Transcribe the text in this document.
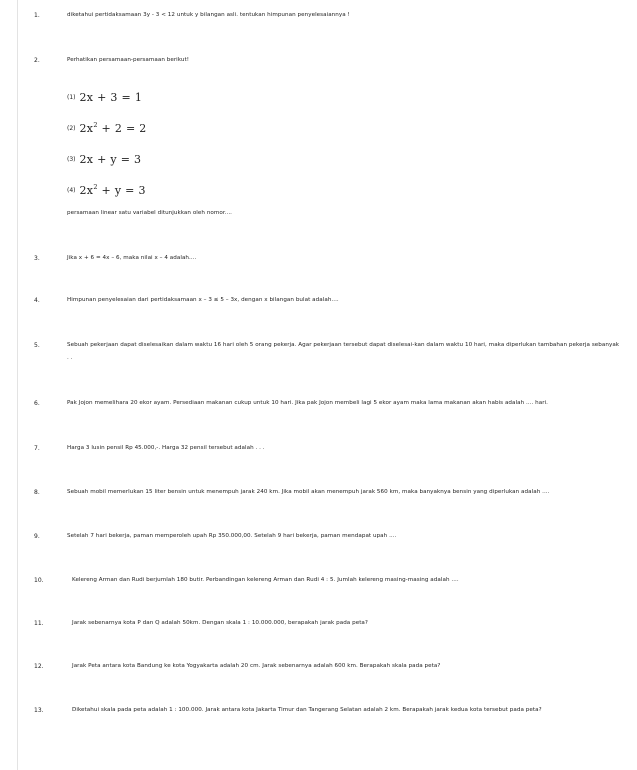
1.	diketahui pertidaksamaan 3y - 3 < 12 untuk y bilangan asli. tentukan himpunan penyelesaiannya !
2.	Perhatikan persamaan-persamaan berikut!
(1) 2x + 3 = 1
(2) $2x^2 + 2 = 2$
(3) 2x + y = 3
(4) $2x^2 + y = 3$
persamaan linear satu variabel ditunjukkan oleh nomor....
3.	Jika x + 6 = 4x – 6, maka nilai x – 4 adalah....
4.	Himpunan penyelesaian dari pertidaksamaan x – 3 ≤ 5 – 3x, dengan x bilangan bulat adalah....
5.	Sebuah pekerjaan dapat diselesaikan dalam waktu 16 hari oleh 5 orang pekerja. Agar pekerjaan tersebut dapat diselesai-kan dalam waktu 10 hari, maka diperlukan tambahan pekerja sebanyak . .
6.	Pak Jojon memelihara 20 ekor ayam. Persediaan makanan cukup untuk 10 hari. Jika pak Jojon membeli lagi 5 ekor ayam maka lama makanan akan habis adalah .... hari.
7.	Harga 3 lusin pensil Rp 45.000,-. Harga 32 pensil tersebut adalah . . .
8.	Sebuah mobil memerlukan 15 liter bensin untuk menempuh jarak 240 km. Jika mobil akan menempuh jarak 560 km, maka banyaknya bensin yang diperlukan adalah ....
9.	Setelah 7 hari bekerja, paman memperoleh upah Rp 350.000,00. Setelah 9 hari bekerja, paman mendapat upah ....
10.	Kelereng Arman dan Rudi berjumlah 180 butir. Perbandingan kelereng Arman dan Rudi 4 : 5. Jumlah kelereng masing-masing adalah ....
11.	Jarak sebenarnya kota P dan Q adalah 50km. Dengan skala 1 : 10.000.000, berapakah jarak pada peta?
12.	Jarak Peta antara kota Bandung ke kota Yogyakarta adalah 20 cm. Jarak sebenarnya adalah 600 km. Berapakah skala pada peta?
13.	Diketahui skala pada peta adalah 1 : 100.000. Jarak antara kota Jakarta Timur dan Tangerang Selatan adalah 2 km. Berapakah jarak kedua kota tersebut pada peta?
